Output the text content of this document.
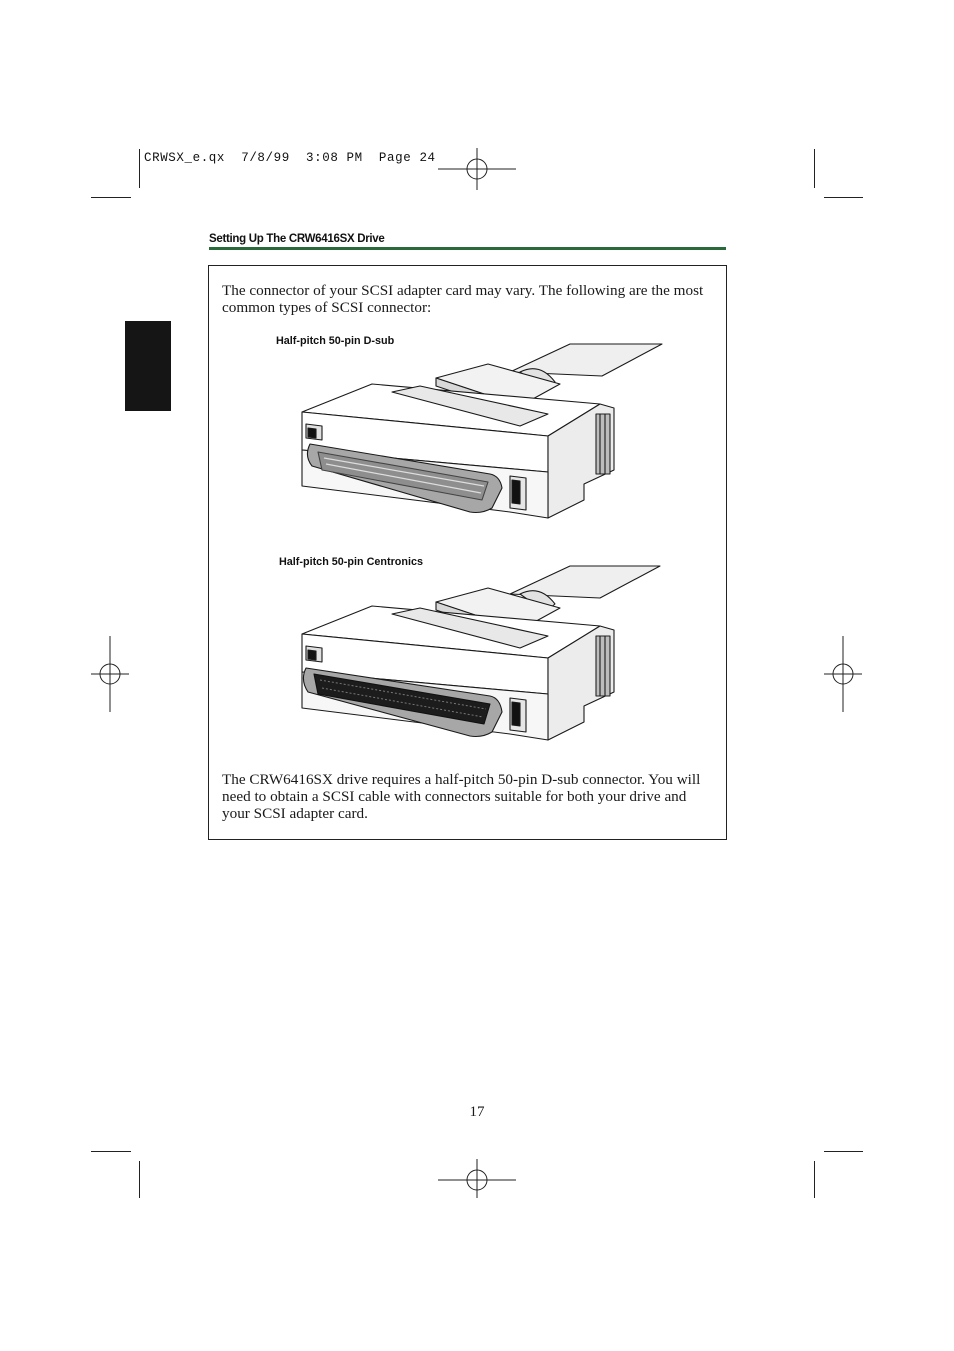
CRWSX_e.qx  7/8/99  3:08 PM  Page 24
Setting Up The CRW6416SX Drive
The connector of your SCSI adapter card may vary. The following are the most common types of SCSI connector:
Half-pitch 50-pin D-sub
Half-pitch 50-pin Centronics
The CRW6416SX drive requires a half-pitch 50-pin D-sub connector. You will need to obtain a SCSI cable with connectors suitable for both your drive and your SCSI adapter card.
17
